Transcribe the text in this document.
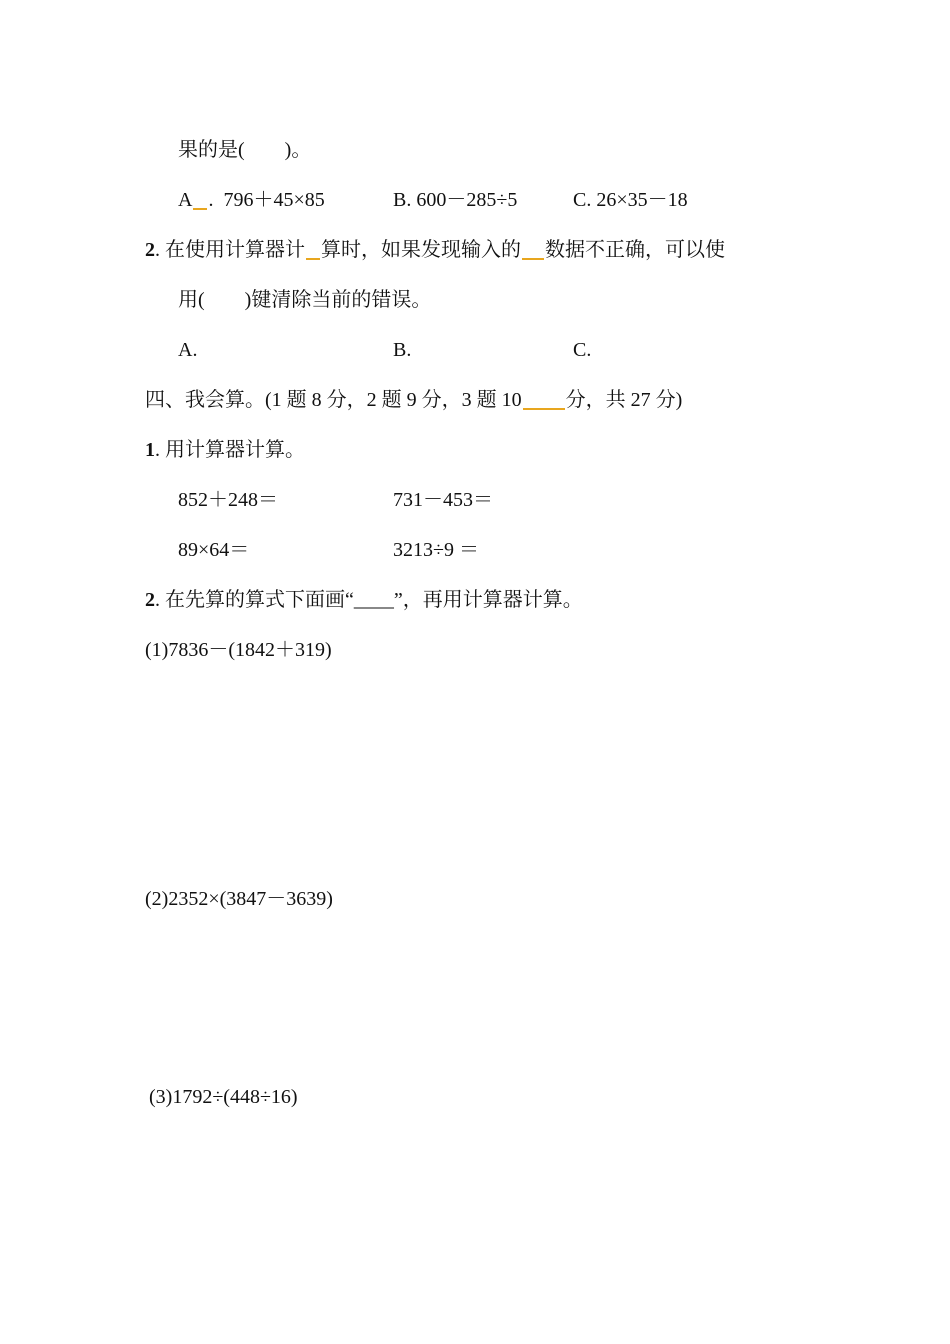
果的是(　　)。
A . 796＋45×85	B. 600－285÷5	C. 26×35－18
2. 在使用计算器计 算时，如果发现输入的 数据不正确，可以使
用(　　)键清除当前的错误。
A.	B.	C.
四、我会算。(1 题 8 分，2 题 9 分，3 题 10 分，共 27 分)
1. 用计算器计算。
852＋248＝	731－453＝
89×64＝	3213÷9 ＝
2. 在先算的算式下面画“____”，再用计算器计算。
(1)7836－(1842＋319)
(2)2352×(3847－3639)
(3)1792÷(448÷16)
